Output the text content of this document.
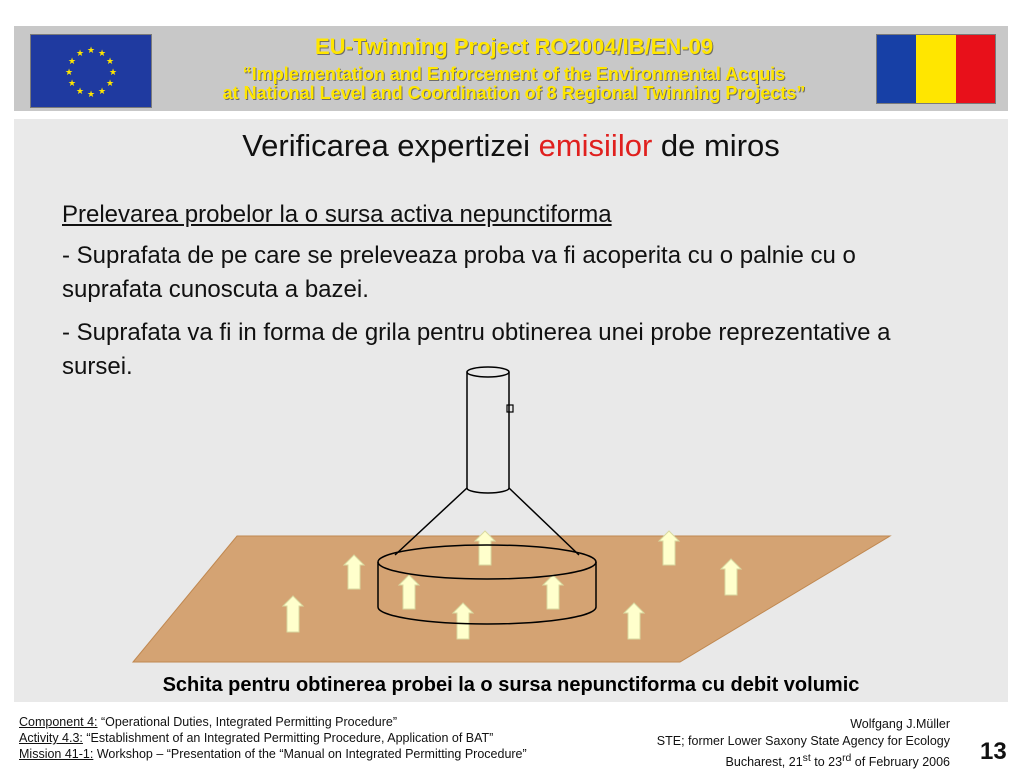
★ ★
★
★
★
★
★
★
★
★
★
★	EU-Twinning Project RO2004/IB/EN-09
“Implementation and Enforcement of the Environmental Acquis
at National Level and Coordination of 8 Regional Twinning Projects”
Verificarea expertizei emisiilor de miros
Prelevarea probelor la o sursa activa nepunctiforma
- Suprafata de pe care se preleveaza proba va fi acoperita cu o palnie cu o suprafata cunoscuta a bazei.
- Suprafata va fi in forma de grila pentru obtinerea unei probe reprezentative a sursei.
Schita pentru obtinerea probei la o sursa nepunctiforma cu debit volumic
Component 4: “Operational Duties, Integrated Permitting Procedure”
Activity 4.3: “Establishment of an Integrated Permitting Procedure, Application of BAT”
Mission 41-1: Workshop – “Presentation of the “Manual on Integrated Permitting Procedure”
Wolfgang J.Müller
STE; former Lower Saxony State Agency for Ecology
Bucharest, 21st to 23rd of February 2006 13
